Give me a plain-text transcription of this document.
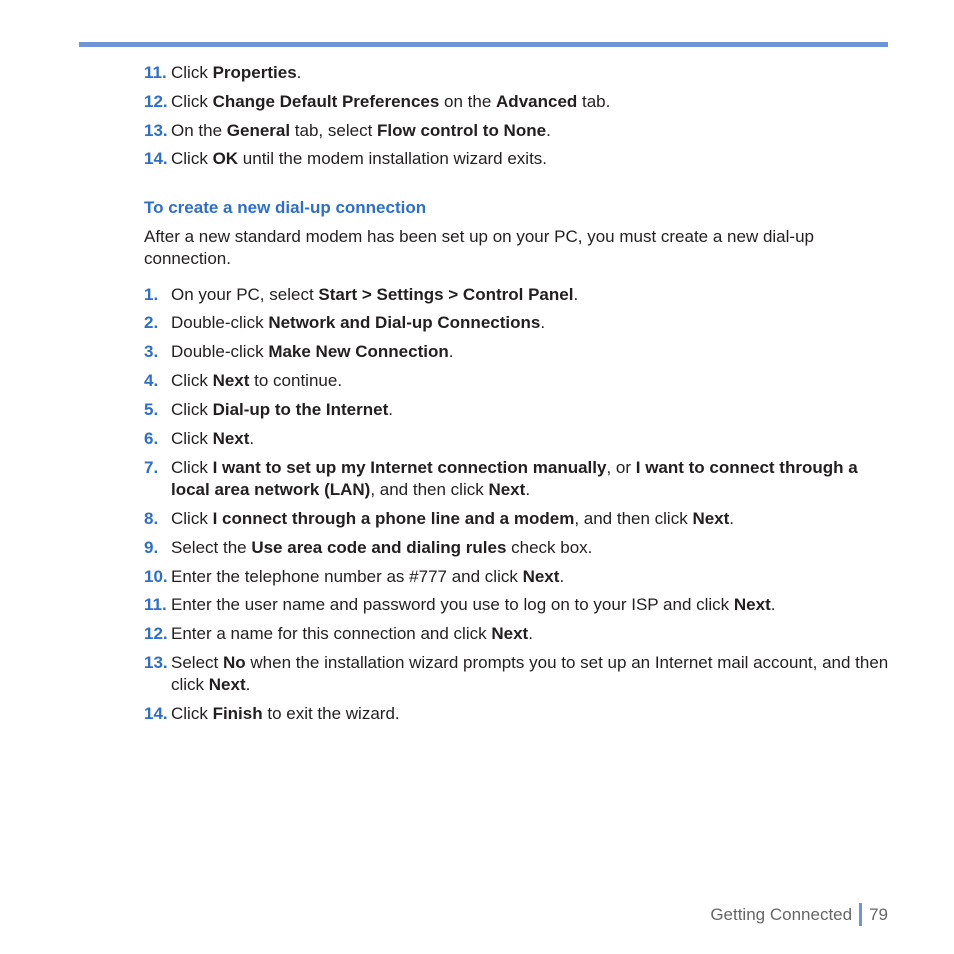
11. Click Properties.
12. Click Change Default Preferences on the Advanced tab.
13. On the General tab, select Flow control to None.
14. Click OK until the modem installation wizard exits.
To create a new dial-up connection
After a new standard modem has been set up on your PC, you must create a new dial-up connection.
1. On your PC, select Start > Settings > Control Panel.
2. Double-click Network and Dial-up Connections.
3. Double-click Make New Connection.
4. Click Next to continue.
5. Click Dial-up to the Internet.
6. Click Next.
7. Click I want to set up my Internet connection manually, or I want to connect through a local area network (LAN), and then click Next.
8. Click I connect through a phone line and a modem, and then click Next.
9. Select the Use area code and dialing rules check box.
10. Enter the telephone number as #777 and click Next.
11. Enter the user name and password you use to log on to your ISP and click Next.
12. Enter a name for this connection and click Next.
13. Select No when the installation wizard prompts you to set up an Internet mail account, and then click Next.
14. Click Finish to exit the wizard.
Getting Connected 79
